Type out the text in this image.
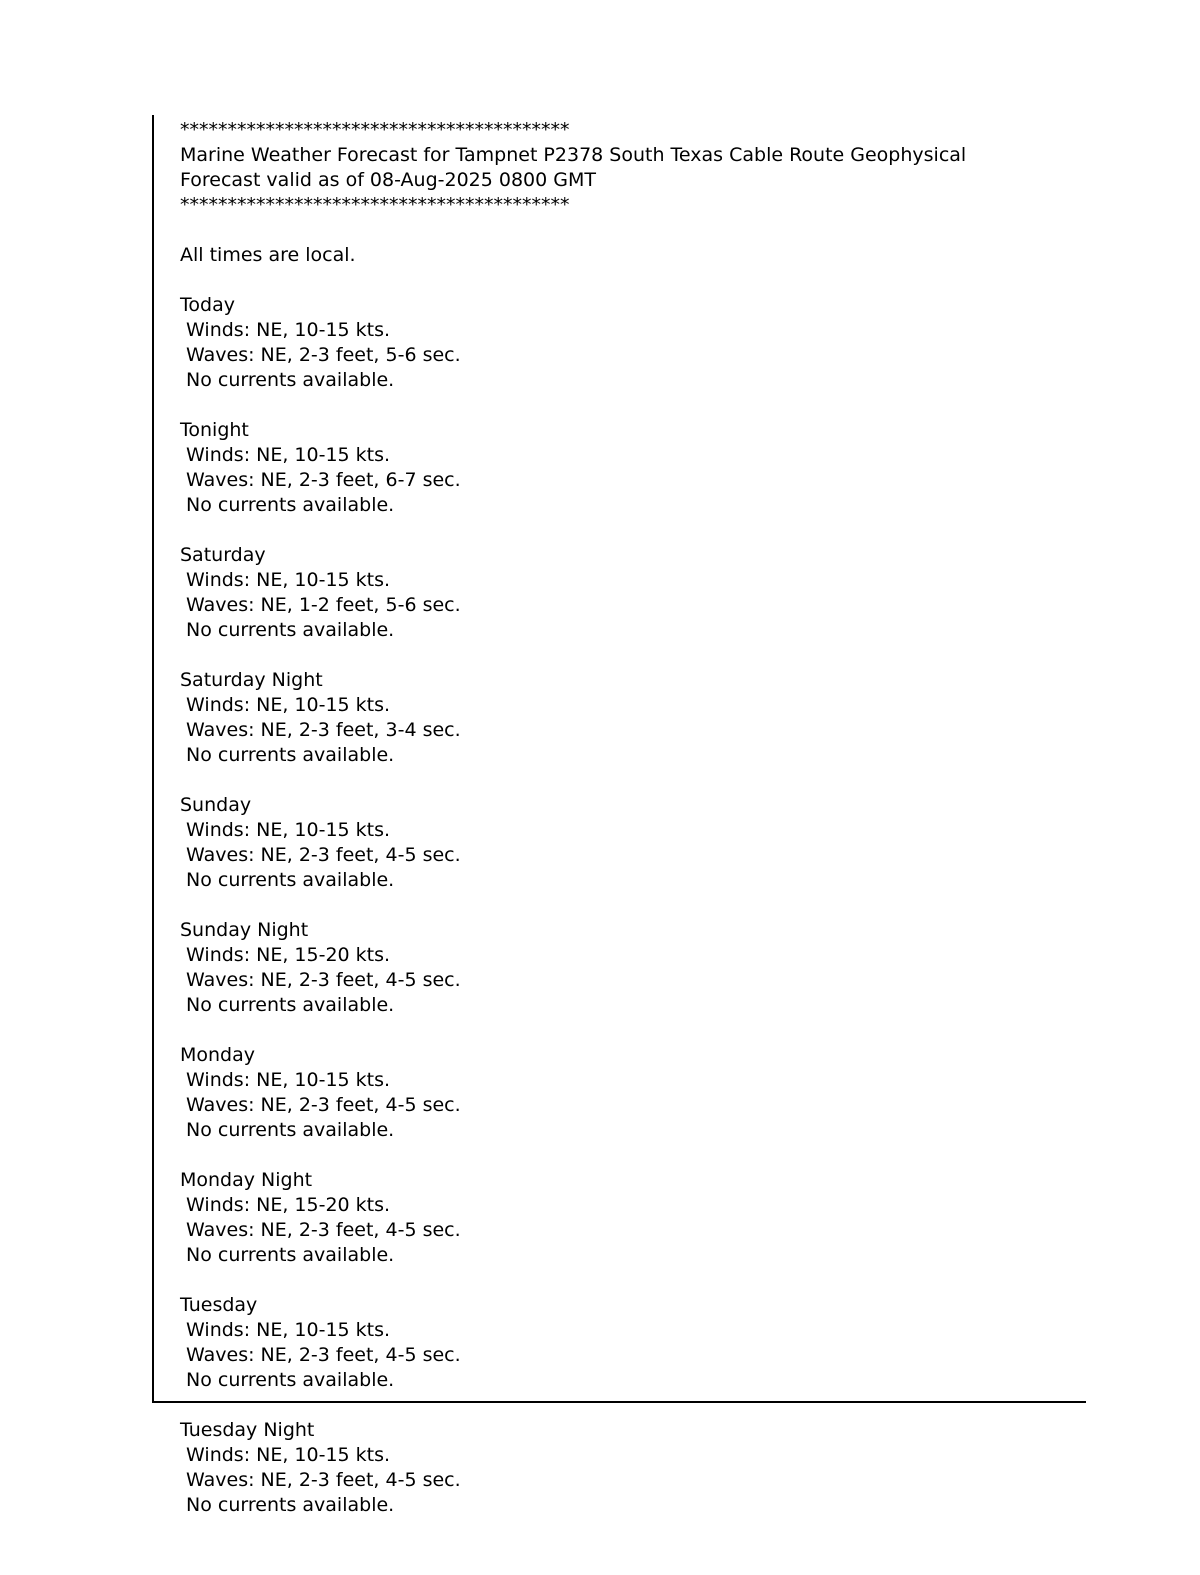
*****************************************
Marine Weather Forecast for Tampnet P2378 South Texas Cable Route Geophysical
Forecast valid as of 08-Aug-2025 0800 GMT
*****************************************
All times are local.
Today
Winds: NE, 10-15 kts.
Waves: NE, 2-3 feet, 5-6 sec.
No currents available.
Tonight
Winds: NE, 10-15 kts.
Waves: NE, 2-3 feet, 6-7 sec.
No currents available.
Saturday
Winds: NE, 10-15 kts.
Waves: NE, 1-2 feet, 5-6 sec.
No currents available.
Saturday Night
Winds: NE, 10-15 kts.
Waves: NE, 2-3 feet, 3-4 sec.
No currents available.
Sunday
Winds: NE, 10-15 kts.
Waves: NE, 2-3 feet, 4-5 sec.
No currents available.
Sunday Night
Winds: NE, 15-20 kts.
Waves: NE, 2-3 feet, 4-5 sec.
No currents available.
Monday
Winds: NE, 10-15 kts.
Waves: NE, 2-3 feet, 4-5 sec.
No currents available.
Monday Night
Winds: NE, 15-20 kts.
Waves: NE, 2-3 feet, 4-5 sec.
No currents available.
Tuesday
Winds: NE, 10-15 kts.
Waves: NE, 2-3 feet, 4-5 sec.
No currents available.
Tuesday Night
Winds: NE, 10-15 kts.
Waves: NE, 2-3 feet, 4-5 sec.
No currents available.
